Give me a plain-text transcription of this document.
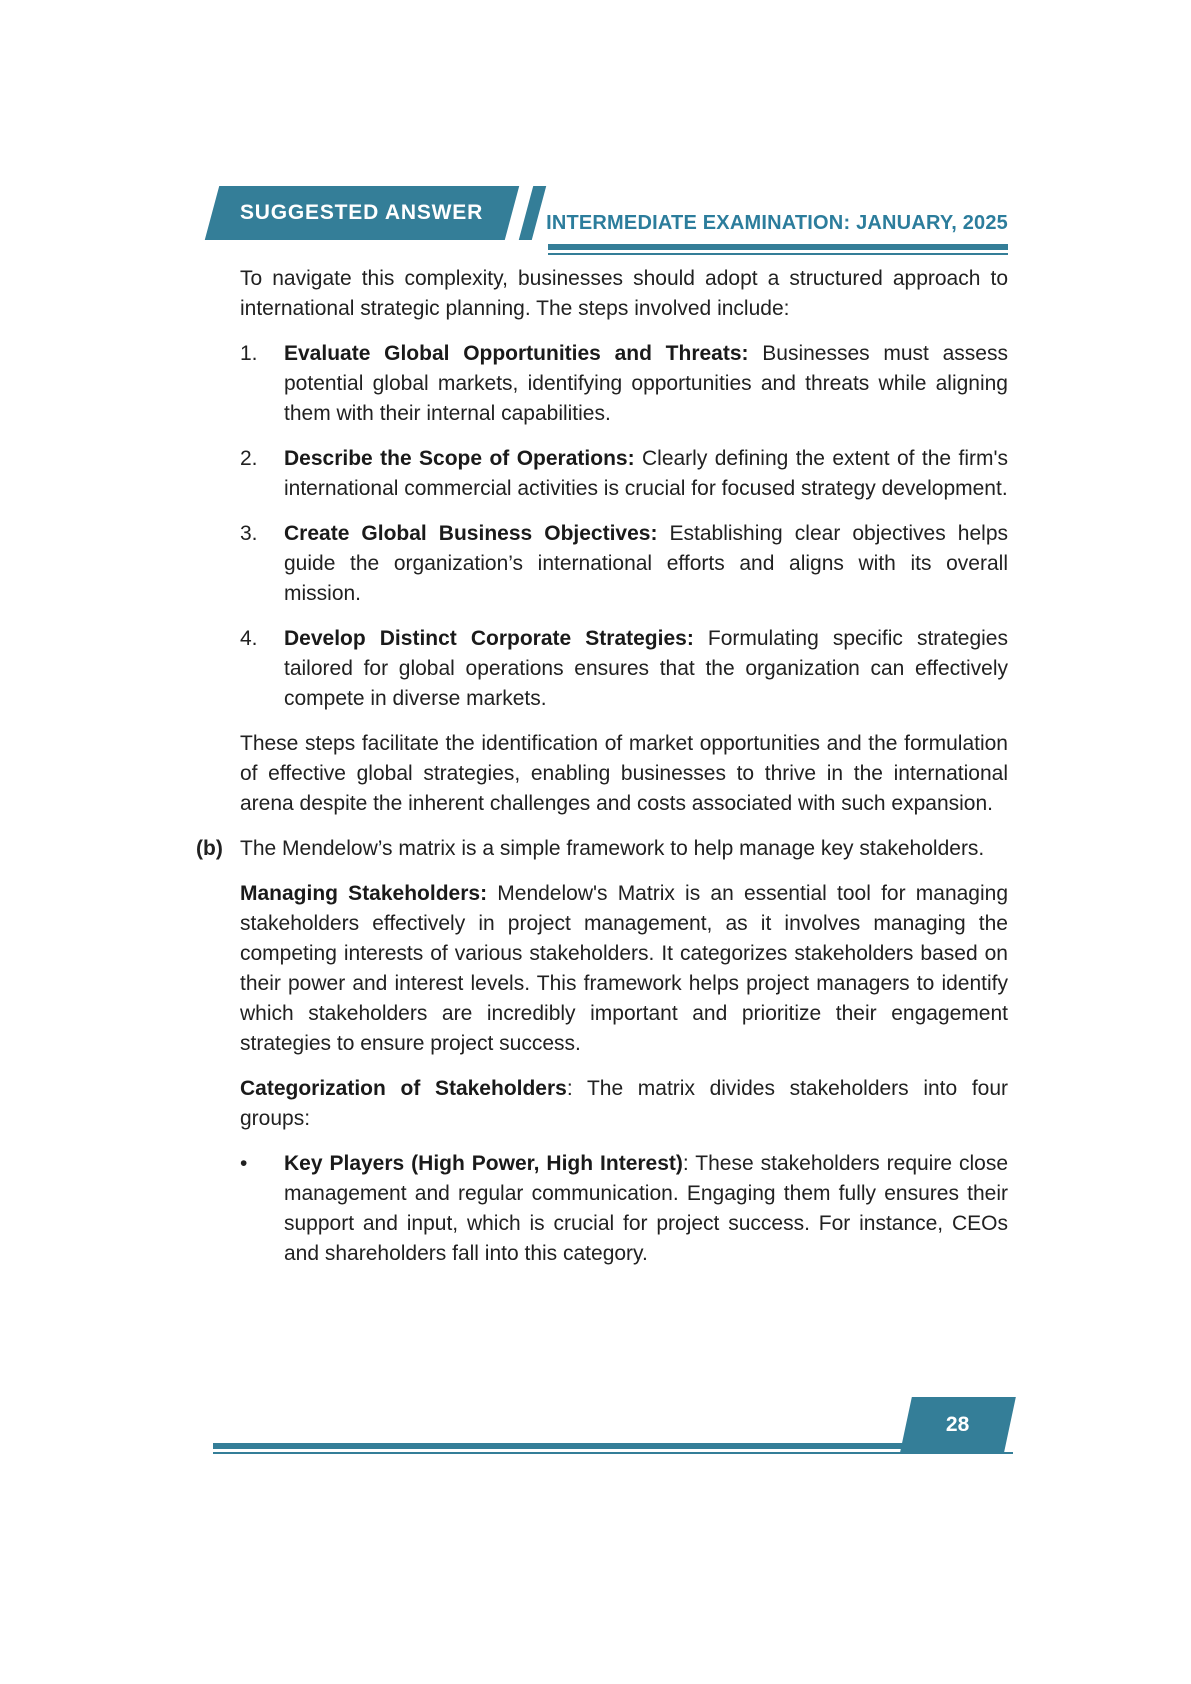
SUGGESTED ANSWER	INTERMEDIATE EXAMINATION: JANUARY, 2025

To navigate this complexity, businesses should adopt a structured approach to international strategic planning. The steps involved include:

1.	Evaluate Global Opportunities and Threats: Businesses must assess potential global markets, identifying opportunities and threats while aligning them with their internal capabilities.
2.	Describe the Scope of Operations: Clearly defining the extent of the firm's international commercial activities is crucial for focused strategy development.
3.	Create Global Business Objectives: Establishing clear objectives helps guide the organization’s international efforts and aligns with its overall mission.
4.	Develop Distinct Corporate Strategies: Formulating specific strategies tailored for global operations ensures that the organization can effectively compete in diverse markets.

These steps facilitate the identification of market opportunities and the formulation of effective global strategies, enabling businesses to thrive in the international arena despite the inherent challenges and costs associated with such expansion.

(b) The Mendelow’s matrix is a simple framework to help manage key stakeholders.

Managing Stakeholders: Mendelow's Matrix is an essential tool for managing stakeholders effectively in project management, as it involves managing the competing interests of various stakeholders. It categorizes stakeholders based on their power and interest levels. This framework helps project managers to identify which stakeholders are incredibly important and prioritize their engagement strategies to ensure project success.

Categorization of Stakeholders: The matrix divides stakeholders into four groups:

•	Key Players (High Power, High Interest): These stakeholders require close management and regular communication. Engaging them fully ensures their support and input, which is crucial for project success. For instance, CEOs and shareholders fall into this category.
28
